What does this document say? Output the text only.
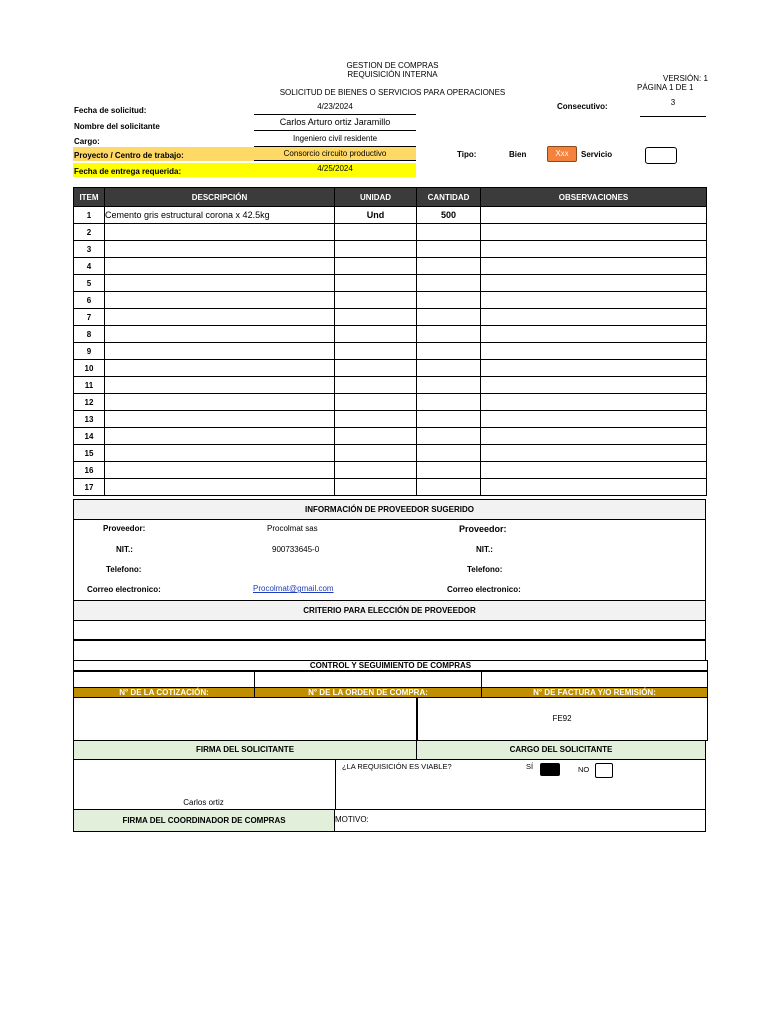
GESTION DE COMPRAS
REQUISICIÓN INTERNA	VERSIÓN: 1
PÁGINA 1 DE 1
SOLICITUD DE BIENES O SERVICIOS PARA OPERACIONES
Consecutivo:	3
Fecha de solicitud:	4/23/2024
Nombre del solicitante	Carlos Arturo ortiz Jaramillo
Cargo:	Ingeniero civil residente
Proyecto / Centro de trabajo:	Consorcio circuito productivo
Fecha de entrega requerida:	4/25/2024
Tipo:	Bien	Xxx	Servicio
ITEM	DESCRIPCIÓN	UNIDAD	CANTIDAD	OBSERVACIONES
1	Cemento gris estructural corona x 42.5kg	Und	500	
2				
3				
4				
5				
6				
7				
8				
9				
10				
11				
12				
13				
14				
15				
16				
17				
INFORMACIÓN DE PROVEEDOR SUGERIDO
Proveedor:	Procolmat sas	Proveedor:
NIT.:	900733645-0	NIT.:
Telefono:	Telefono:
Correo electronico:	Procolmat@gmail.com	Correo electronico:
CRITERIO PARA ELECCIÓN DE PROVEEDOR
CONTROL Y SEGUIMIENTO DE COMPRAS
N° DE LA COTIZACIÓN:	N° DE LA ORDEN DE COMPRA:	N° DE FACTURA Y/O REMISIÓN:
FE92
FIRMA DEL SOLICITANTE	CARGO DEL SOLICITANTE
¿LA REQUISICIÓN ES VIABLE?	SÍ	NO
Carlos ortiz
FIRMA DEL COORDINADOR DE COMPRAS	MOTIVO:
